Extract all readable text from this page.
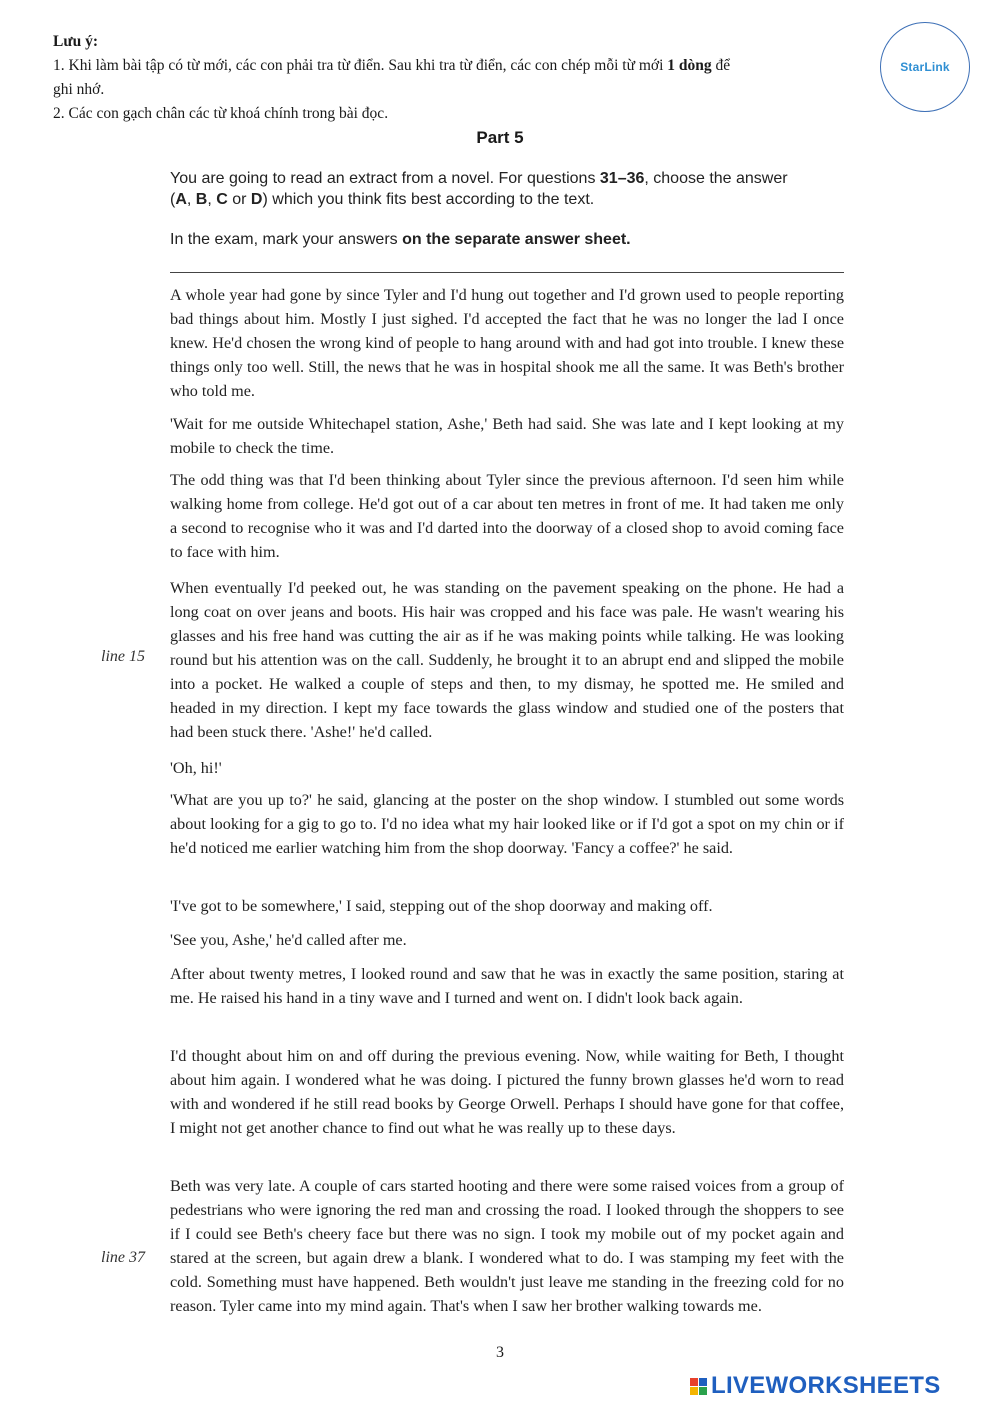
Lưu ý:
1. Khi làm bài tập có từ mới, các con phải tra từ điển. Sau khi tra từ điển, các con chép mỗi từ mới 1 dòng để ghi nhớ.
2. Các con gạch chân các từ khoá chính trong bài đọc.
StarLink
Part 5
You are going to read an extract from a novel. For questions 31–36, choose the answer (A, B, C or D) which you think fits best according to the text.
In the exam, mark your answers on the separate answer sheet.
A whole year had gone by since Tyler and I'd hung out together and I'd grown used to people reporting bad things about him. Mostly I just sighed. I'd accepted the fact that he was no longer the lad I once knew. He'd chosen the wrong kind of people to hang around with and had got into trouble. I knew these things only too well. Still, the news that he was in hospital shook me all the same. It was Beth's brother who told me.
'Wait for me outside Whitechapel station, Ashe,' Beth had said. She was late and I kept looking at my mobile to check the time.
The odd thing was that I'd been thinking about Tyler since the previous afternoon. I'd seen him while walking home from college. He'd got out of a car about ten metres in front of me. It had taken me only a second to recognise who it was and I'd darted into the doorway of a closed shop to avoid coming face to face with him.
When eventually I'd peeked out, he was standing on the pavement speaking on the phone. He had a long coat on over jeans and boots. His hair was cropped and his face was pale. He wasn't wearing his glasses and his free hand was cutting the air as if he was making points while talking. He was looking round but his attention was on the call. Suddenly, he brought it to an abrupt end and slipped the mobile into a pocket. He walked a couple of steps and then, to my dismay, he spotted me. He smiled and headed in my direction. I kept my face towards the glass window and studied one of the posters that had been stuck there. 'Ashe!' he'd called.
'Oh, hi!'
'What are you up to?' he said, glancing at the poster on the shop window. I stumbled out some words about looking for a gig to go to. I'd no idea what my hair looked like or if I'd got a spot on my chin or if he'd noticed me earlier watching him from the shop doorway. 'Fancy a coffee?' he said.
'I've got to be somewhere,' I said, stepping out of the shop doorway and making off.
'See you, Ashe,' he'd called after me.
After about twenty metres, I looked round and saw that he was in exactly the same position, staring at me. He raised his hand in a tiny wave and I turned and went on. I didn't look back again.
I'd thought about him on and off during the previous evening. Now, while waiting for Beth, I thought about him again. I wondered what he was doing. I pictured the funny brown glasses he'd worn to read with and wondered if he still read books by George Orwell. Perhaps I should have gone for that coffee, I might not get another chance to find out what he was really up to these days.
Beth was very late. A couple of cars started hooting and there were some raised voices from a group of pedestrians who were ignoring the red man and crossing the road. I looked through the shoppers to see if I could see Beth's cheery face but there was no sign. I took my mobile out of my pocket again and stared at the screen, but again drew a blank. I wondered what to do. I was stamping my feet with the cold. Something must have happened. Beth wouldn't just leave me standing in the freezing cold for no reason. Tyler came into my mind again. That's when I saw her brother walking towards me.
line 15
line 37
3
LIVEWORKSHEETS
